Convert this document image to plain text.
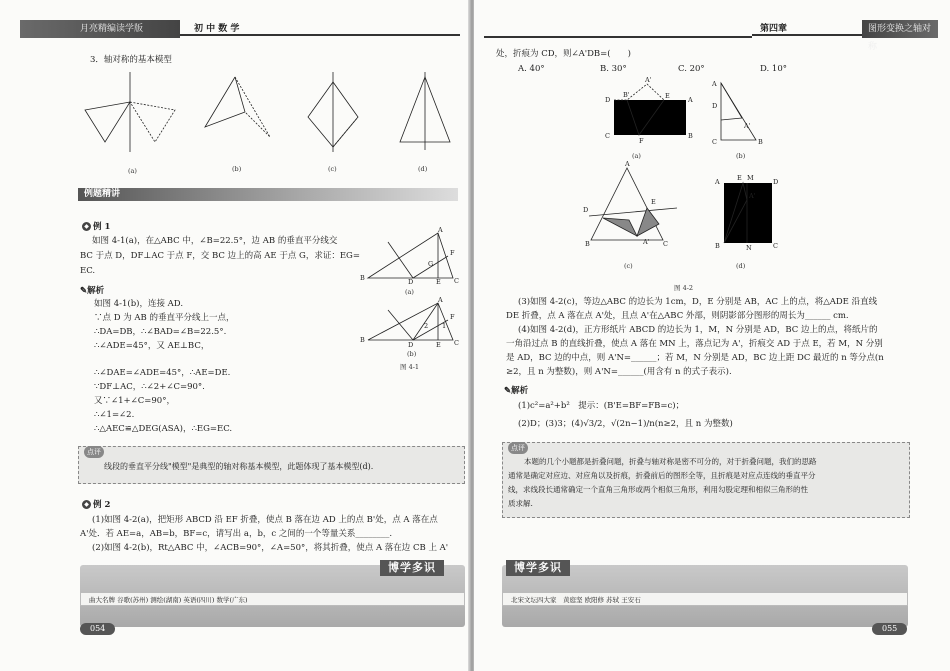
月亮精编读学版	初 中 数 学
3．轴对称的基本模型
(a)	(b)	(c)	(d)
例题精讲
◆ 例 1
如图 4-1(a)，在△ABC 中，∠B=22.5°，边 AB 的垂直平分线交
BC 于点 D，DF⊥AC 于点 F，交 BC 边上的高 AE 于点 G，求证：EG=
EC.
✎解析
如图 4-1(b)，连接 AD.
∵点 D 为 AB 的垂直平分线上一点，
∴DA=DB，∴∠BAD=∠B=22.5°.
∴∠ADE=45°，又 AE⊥BC，
∴∠DAE=∠ADE=45°，∴AE=DE.
∵DF⊥AC，∴∠2+∠C=90°.
又∵∠1+∠C=90°，
∴∠1=∠2.
∴△AEC≌△DEG(ASA)，∴EG=EC.
B
A
C
D	E
F
G
(a)
B
A
C
D	E
F
1
2
(b)
图 4-1
点评
线段的垂直平分线"模型"是典型的轴对称基本模型，此题体现了基本模型(d).
◆ 例 2
(1)如图 4-2(a)，把矩形 ABCD 沿 EF 折叠，使点 B 落在边 AD 上的点 B'处，点 A 落在点
A'处．若 AE=a，AB=b，BF=c，请写出 a，b，c 之间的一个等量关系________.
(2)如图 4-2(b)，Rt△ABC 中，∠ACB=90°，∠A=50°，将其折叠，使点 A 落在边 CB 上 A'
博学多识
曲大名牌 谷歌(苏州) 测绘(湖南) 英语(四川) 数学(广东)
054
第四章	图形变换之轴对称
处，折痕为 CD，则∠A'DB=(　　)
A. 40°	B. 30°	C. 20°	D. 10°
D
B'
A'
E	A
C
F
B
(a)
A
D
C	B
A'
(b)
A
D
E
B	C
A'
(c)
A	E M	D
B	N	C
A'
(d)
图 4-2
(3)如图 4-2(c)，等边△ABC 的边长为 1cm，D，E 分别是 AB，AC 上的点，将△ADE 沿直线
DE 折叠，点 A 落在点 A'处，且点 A'在△ABC 外部，则阴影部分图形的周长为______ cm.
(4)如图 4-2(d)，正方形纸片 ABCD 的边长为 1，M，N 分别是 AD，BC 边上的点，将纸片的
一角沿过点 B 的直线折叠，使点 A 落在 MN 上，落点记为 A'，折痕交 AD 于点 E，若 M，N 分别
是 AD，BC 边的中点，则 A'N=______；若 M，N 分别是 AD，BC 边上距 DC 最近的 n 等分点(n
≥2，且 n 为整数)，则 A'N=______(用含有 n 的式子表示).
✎解析
(1)c²=a²+b²　提示：(B'E=BF=FB=c)；
(2)D；(3)3；(4)√3/2，√(2n−1)/n(n≥2，且 n 为整数)
点评
本题的几个小题都是折叠问题，折叠与轴对称是密不可分的，对于折叠问题，我们的思路
通常是确定对应边、对应角以及折痕，折叠前后的图形全等，且折痕是对应点连线的垂直平分
线，求线段长通常确定一个直角三角形或两个相似三角形，利用勾股定理和相似三角形的性
质求解.
博学多识
北宋文坛四大家　黄庭坚 欧阳修 苏轼 王安石
055
